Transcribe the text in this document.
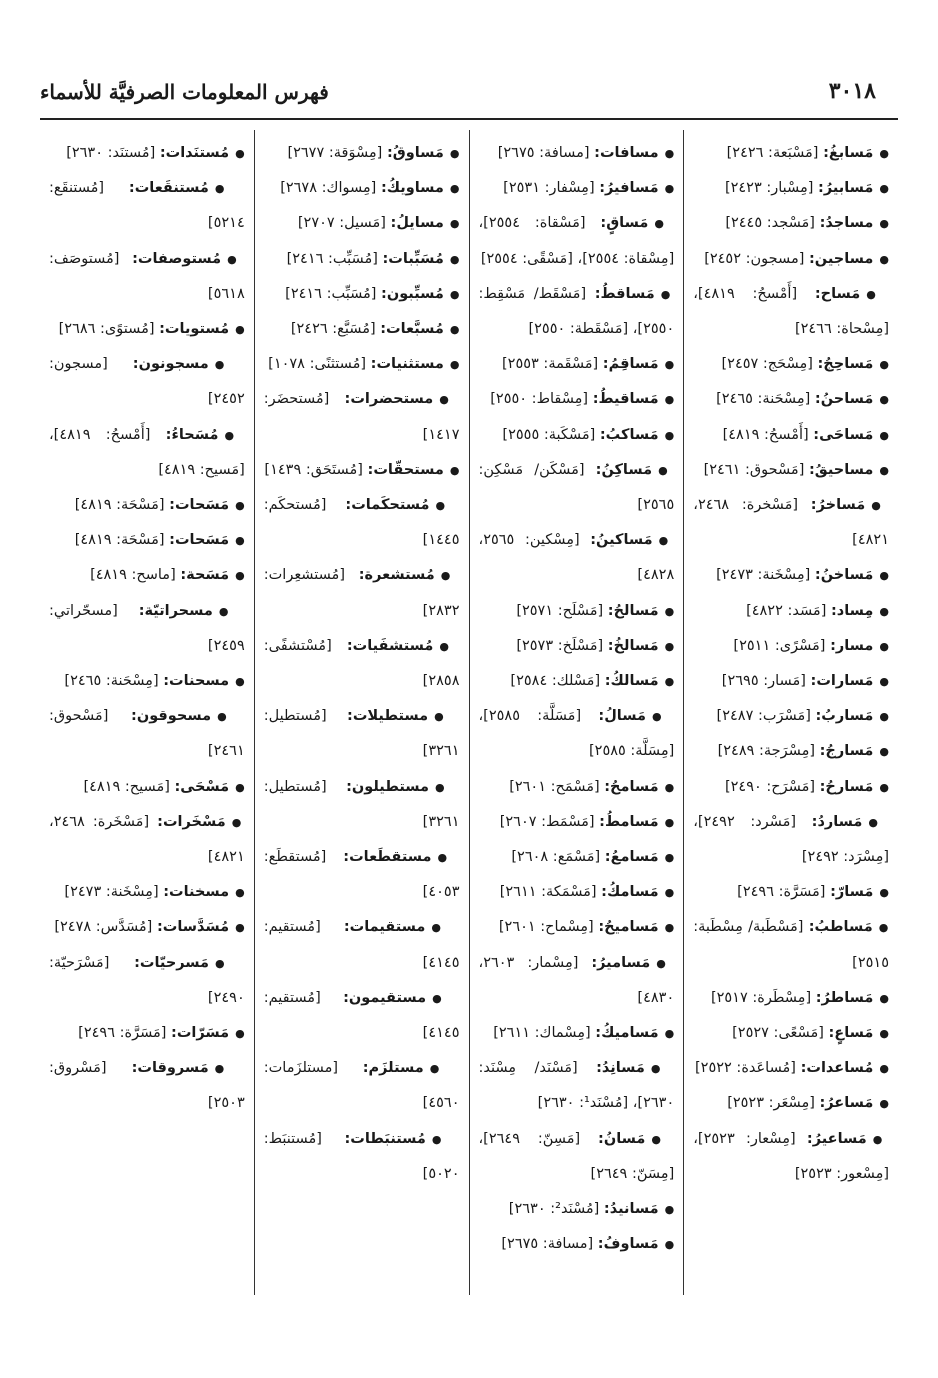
٣٠١٨
فهرس المعلومات الصرفيَّة للأسماء

●مَسابغُ: [مَسْبَعة: ٢٤٢٦]

●مَسابيرُ: [مِسْبار: ٢٤٢٣]

●مساجدُ: [مَسْجد: ٢٤٤٥]

●مساجين: [مسجون: ٢٤٥٢]

●مَساح: [أَمْسحُ: ٤٨١٩]، [مِسْحاة: ٢٤٦٦]

●مَساحِجُ: [مِسْحَج: ٢٤٥٧]

●مَساحنُ: [مِسْحَنة: ٢٤٦٥]

●مَساحَى: [أَمْسحُ: ٤٨١٩]

●مساحيقُ: [مَسْحوق: ٢٤٦١]

●مَساخرُ: [مَسْخرة: ٢٤٦٨، ٤٨٢١]

●مَساخنُ: [مِسْخَنة: ٢٤٧٣]

●مِساد: [مَسَد: ٤٨٢٢]

●مسار: [مَسْرًى: ٢٥١١]

●مَسارات: [مَسار: ٢٦٩٥]

●مَساربُ: [مَسْرَب: ٢٤٨٧]

●مَسارجُ: [مِسْرَجة: ٢٤٨٩]

●مَسارحُ: [مَسْرَح: ٢٤٩٠]

●مَساردُ: [مَسْرد: ٢٤٩٢]، [مِسْرَد: ٢٤٩٢]

●مَسارّ: [مَسَرَّة: ٢٤٩٦]

●مَساطبُ: [مَسْطَبة/ مِسْطَبة: ٢٥١٥]

●مَساطرُ: [مِسْطَرة: ٢٥١٧]

●مَساعٍ: [مَسْعًى: ٢٥٢٧]

●مُساعدات: [مُساعَدة: ٢٥٢٢]

●مَساعرُ: [مِسْعَر: ٢٥٢٣]

●مَساعيرُ: [مِسْعار: ٢٥٢٣]، [مِسْعور: ٢٥٢٣]

●مسافات: [مسافة: ٢٦٧٥]

●مَسافيرُ: [مِسْفار: ٢٥٣١]

●مَساقٍ: [مَسْقاة: ٢٥٥٤]، [مِسْقاة: ٢٥٥٤]، [مَسْقًى: ٢٥٥٤]

●مَساقطُ: [مَسْقَط/ مَسْقِط: ٢٥٥٠]، [مَسْقَطة: ٢٥٥٠]

●مَساقِمُ: [مَسْقَمة: ٢٥٥٣]

●مَساقيطُ: [مِسْقاط: ٢٥٥٠]

●مَساكبُ: [مَسْكَبة: ٢٥٥٥]

●مَساكِنُ: [مَسْكَن/ مَسْكِن: ٢٥٦٥]

●مَساكينُ: [مِسْكين: ٢٥٦٥، ٤٨٢٨]

●مَسالحُ: [مَسْلَح: ٢٥٧١]

●مَسالخُ: [مَسْلَخ: ٢٥٧٣]

●مَسالكُ: [مَسْلك: ٢٥٨٤]

●مَسالُ: [مَسَلَّة: ٢٥٨٥]، [مِسَلَّة: ٢٥٨٥]

●مَسامحُ: [مَسْمَح: ٢٦٠١]

●مَسامطُ: [مَسْمَط: ٢٦٠٧]

●مَسامعُ: [مَسْمَع: ٢٦٠٨]

●مَسامكُ: [مَسْمَكة: ٢٦١١]

●مَساميحُ: [مِسْماح: ٢٦٠١]

●مَساميرُ: [مِسْمار: ٢٦٠٣، ٤٨٣٠]

●مَساميكُ: [مِسْماك: ٢٦١١]

●مَسانِدُ: [مَسْنَد/ مِسْنَد: ٢٦٣٠]، [مُسْنَد¹: ٢٦٣٠]

●مَسانُ: [مَسِنّ: ٢٦٤٩]، [مِسَنّ: ٢٦٤٩]

●مَسانيدُ: [مُسْنَد²: ٢٦٣٠]

●مَساوفُ: [مسافة: ٢٦٧٥]

●مَساوقُ: [مِسْوَقة: ٢٦٧٧]

●مساويكُ: [مِسواك: ٢٦٧٨]

●مسايلُ: [مَسيل: ٢٧٠٧]

●مُسَبِّبات: [مُسَبِّب: ٢٤١٦]

●مُسبِّبون: [مُسَبِّب: ٢٤١٦]

●مُسبَّعات: [مُسَبَّع: ٢٤٢٦]

●مستثنيات: [مُستثنًى: ١٠٧٨]

●مستحضرات: [مُستحضَر: ١٤١٧]

●مستحقّات: [مُستَحَق: ١٤٣٩]

●مُستحكَمات: [مُستحكَم: ١٤٤٥]

●مُستشعرة: [مُستشعِرات: ٢٨٣٢]

●مُستشفَيات: [مُسْتشفًى: ٢٨٥٨]

●مستطيلات: [مُستطيل: ٣٢٦١]

●مستطيلون: [مُستطيل: ٣٢٦١]

●مستقطَعات: [مُستقطَع: ٤٠٥٣]

●مستقيمات: [مُستقيم: ٤١٤٥]

●مستقيمون: [مُستقيم: ٤١٤٥]

●مستلزَم: [مستلزَمات: ٤٥٦٠]

●مُستنبَطات: [مُستنبَط: ٥٠٢٠]

●مُستنَدات: [مُستنَد: ٢٦٣٠]

●مُستنقَعات: [مُستنقَع: ٥٢١٤]

●مُستوصفات: [مُستوصَف: ٥٦١٨]

●مُستويات: [مُستوًى: ٢٦٨٦]

●مسجونون: [مسجون: ٢٤٥٢]

●مُسَحاءُ: [أَمْسحُ: ٤٨١٩]، [مَسيح: ٤٨١٩]

●مَسَحات: [مَسْحَة: ٤٨١٩]

●مَسَحات: [مَسْحَة: ٤٨١٩]

●مَسَحة: [ماسح: ٤٨١٩]

●مسحراتيّة: [مسحّراتي: ٢٤٥٩]

●مسحنات: [مِسْحَنة: ٢٤٦٥]

●مسحوقون: [مَسْحوق: ٢٤٦١]

●مَسْحَى: [مَسيح: ٤٨١٩]

●مَسْخَرات: [مَسْخَرة: ٢٤٦٨، ٤٨٢١]

●مسخنات: [مِسْخَنة: ٢٤٧٣]

●مُسَدَّسات: [مُسَدَّس: ٢٤٧٨]

●مَسرحيّات: [مَسْرَحيّة: ٢٤٩٠]

●مَسَرّات: [مَسَرَّة: ٢٤٩٦]

●مَسروقات: [مَسْروق: ٢٥٠٣]
